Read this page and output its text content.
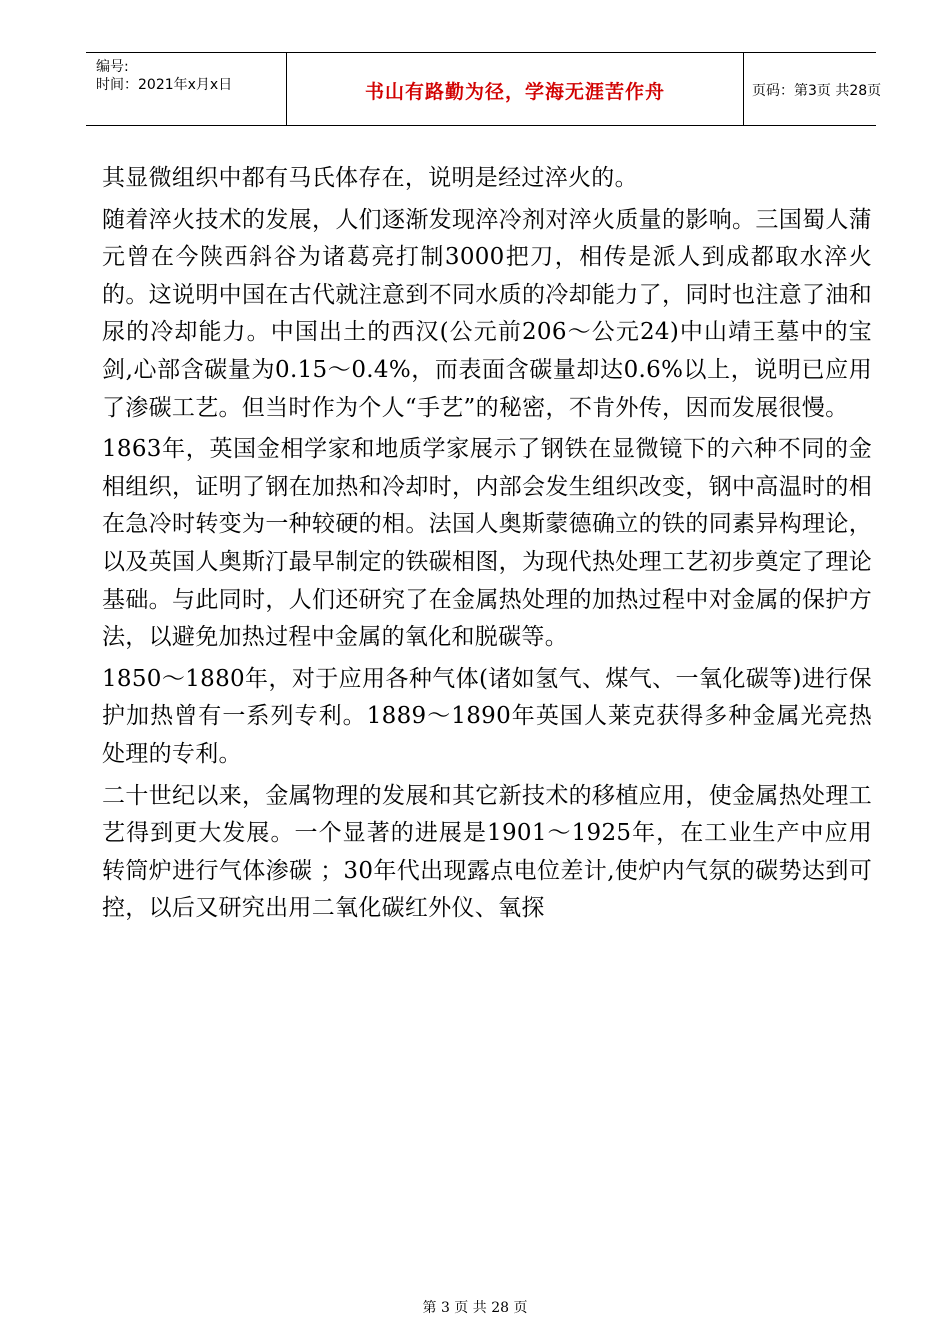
编号:
时间：2021年x月x日	书山有路勤为径，学海无涯苦作舟	页码：第3页 共28页

其显微组织中都有马氏体存在，说明是经过淬火的。

随着淬火技术的发展，人们逐渐发现淬冷剂对淬火质量的影响。三国蜀人蒲元曾在今陕西斜谷为诸葛亮打制3000把刀，相传是派人到成都取水淬火的。这说明中国在古代就注意到不同水质的冷却能力了，同时也注意了油和尿的冷却能力。中国出土的西汉(公元前206～公元24)中山靖王墓中的宝剑,心部含碳量为0.15～0.4%，而表面含碳量却达0.6%以上，说明已应用了渗碳工艺。但当时作为个人“手艺”的秘密，不肯外传，因而发展很慢。

1863年，英国金相学家和地质学家展示了钢铁在显微镜下的六种不同的金相组织，证明了钢在加热和冷却时，内部会发生组织改变，钢中高温时的相在急冷时转变为一种较硬的相。法国人奥斯蒙德确立的铁的同素异构理论，以及英国人奥斯汀最早制定的铁碳相图，为现代热处理工艺初步奠定了理论基础。与此同时，人们还研究了在金属热处理的加热过程中对金属的保护方法，以避免加热过程中金属的氧化和脱碳等。

1850～1880年，对于应用各种气体(诸如氢气、煤气、一氧化碳等)进行保护加热曾有一系列专利。1889～1890年英国人莱克获得多种金属光亮热处理的专利。

二十世纪以来，金属物理的发展和其它新技术的移植应用，使金属热处理工艺得到更大发展。一个显著的进展是1901～1925年，在工业生产中应用转筒炉进行气体渗碳 ；30年代出现露点电位差计,使炉内气氛的碳势达到可控，以后又研究出用二氧化碳红外仪、氧探

第 3 页 共 28 页
